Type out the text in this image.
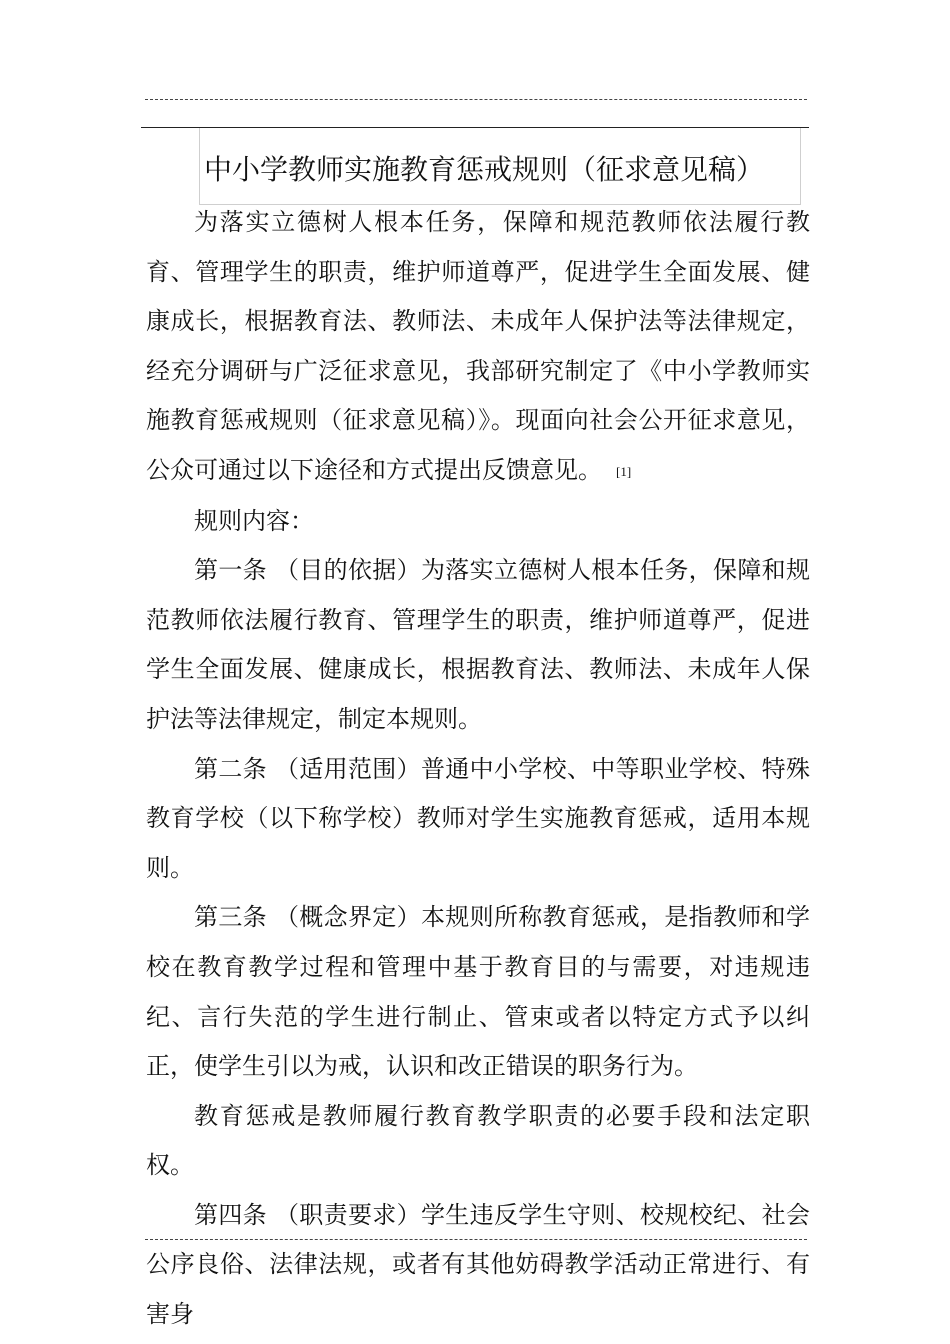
中小学教师实施教育惩戒规则（征求意见稿）

为落实立德树人根本任务，保障和规范教师依法履行教育、管理学生的职责，维护师道尊严，促进学生全面发展、健康成长，根据教育法、教师法、未成年人保护法等法律规定，经充分调研与广泛征求意见，我部研究制定了《中小学教师实施教育惩戒规则（征求意见稿）》。现面向社会公开征求意见，公众可通过以下途径和方式提出反馈意见。 [1]

规则内容：

第一条 （目的依据）为落实立德树人根本任务，保障和规范教师依法履行教育、管理学生的职责，维护师道尊严，促进学生全面发展、健康成长，根据教育法、教师法、未成年人保护法等法律规定，制定本规则。

第二条 （适用范围）普通中小学校、中等职业学校、特殊教育学校（以下称学校）教师对学生实施教育惩戒，适用本规则。

第三条 （概念界定）本规则所称教育惩戒，是指教师和学校在教育教学过程和管理中基于教育目的与需要，对违规违纪、言行失范的学生进行制止、管束或者以特定方式予以纠正，使学生引以为戒，认识和改正错误的职务行为。

教育惩戒是教师履行教育教学职责的必要手段和法定职权。

第四条 （职责要求）学生违反学生守则、校规校纪、社会公序良俗、法律法规，或者有其他妨碍教学活动正常进行、有害身
